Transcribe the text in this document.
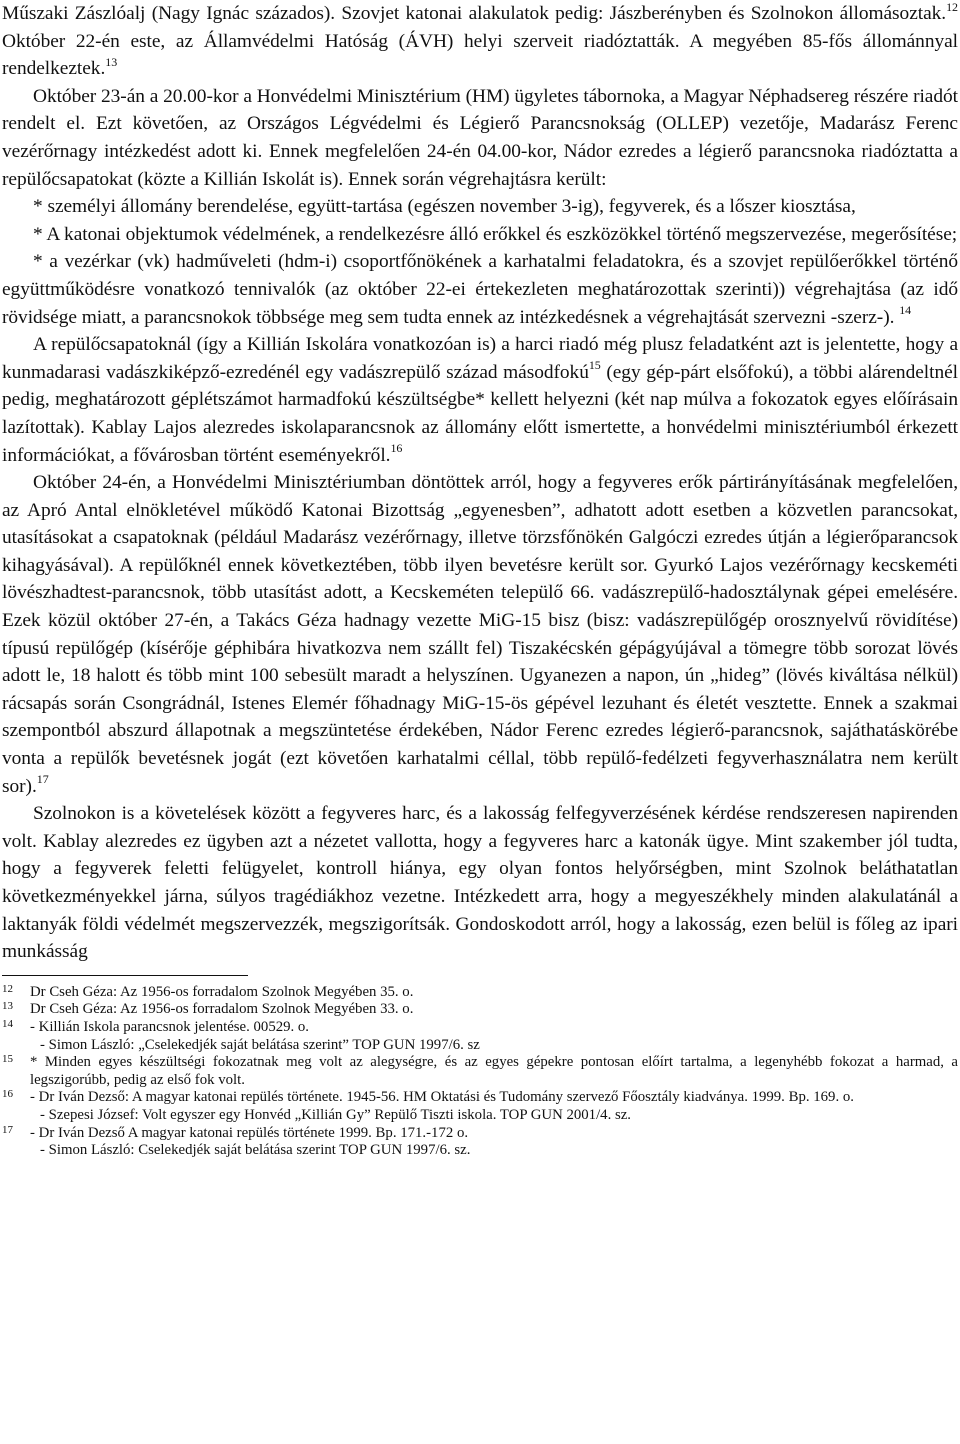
Műszaki Zászlóalj (Nagy Ignác százados). Szovjet katonai alakulatok pedig: Jászberényben és Szolnokon állomásoztak.$^{12}$ Október 22-én este, az Államvédelmi Hatóság (ÁVH) helyi szerveit riadóztatták. A megyében 85-fős állománnyal rendelkeztek.$^{13}$

Október 23-án a 20.00-kor a Honvédelmi Minisztérium (HM) ügyletes tábornoka, a Magyar Néphadsereg részére riadót rendelt el. Ezt követően, az Országos Légvédelmi és Légierő Parancsnokság (OLLEP) vezetője, Madarász Ferenc vezérőrnagy intézkedést adott ki. Ennek megfelelően 24-én 04.00-kor, Nádor ezredes a légierő parancsnoka riadóztatta a repülőcsapatokat (közte a Killián Iskolát is). Ennek során végrehajtásra került:

* személyi állomány berendelése, együtt-tartása (egészen november 3-ig), fegyverek, és a lőszer kiosztása,

* A katonai objektumok védelmének, a rendelkezésre álló erőkkel és eszközökkel történő megszervezése, megerősítése;

* a vezérkar (vk) hadműveleti (hdm-i) csoportfőnökének a karhatalmi feladatokra, és a szovjet repülőerőkkel történő együttműködésre vonatkozó tennivalók (az október 22-ei értekezleten meghatározottak szerinti)) végrehajtása (az idő rövidsége miatt, a parancsnokok többsége meg sem tudta ennek az intézkedésnek a végrehajtását szervezni -szerz-). $^{14}$

A repülőcsapatoknál (így a Killián Iskolára vonatkozóan is) a harci riadó még plusz feladatként azt is jelentette, hogy a kunmadarasi vadászkiképző-ezredénél egy vadászrepülő század másodfokú$^{15}$ (egy gép-párt elsőfokú), a többi alárendeltnél pedig, meghatározott géplétszámot harmadfokú készültségbe* kellett helyezni (két nap múlva a fokozatok egyes előírásain lazítottak). Kablay Lajos alezredes iskolaparancsnok az állomány előtt ismertette, a honvédelmi minisztériumból érkezett információkat, a fővárosban történt eseményekről.$^{16}$

Október 24-én, a Honvédelmi Minisztériumban döntöttek arról, hogy a fegyveres erők pártirányításának megfelelően, az Apró Antal elnökletével működő Katonai Bizottság „egyenesben”, adhatott adott esetben a közvetlen parancsokat, utasításokat a csapatoknak (például Madarász vezérőrnagy, illetve törzsfőnökén Galgóczi ezredes útján a légierőparancsok kihagyásával). A repülőknél ennek következtében, több ilyen bevetésre került sor. Gyurkó Lajos vezérőrnagy kecskeméti lövészhadtest-parancsnok, több utasítást adott, a Kecskeméten települő 66. vadászrepülő-hadosztálynak gépei emelésére. Ezek közül október 27-én, a Takács Géza hadnagy vezette MiG-15 bisz (bisz: vadászrepülőgép orosznyelvű rövidítése) típusú repülőgép (kísérője géphibára hivatkozva nem szállt fel) Tiszakécskén gépágyújával a tömegre több sorozat lövés adott le, 18 halott és több mint 100 sebesült maradt a helyszínen. Ugyanezen a napon, ún „hideg” (lövés kiváltása nélkül) rácsapás során Csongrádnál, Istenes Elemér főhadnagy MiG-15-ös gépével lezuhant és életét vesztette. Ennek a szakmai szempontból abszurd állapotnak a megszüntetése érdekében, Nádor Ferenc ezredes légierő-parancsnok, sajáthatáskörébe vonta a repülők bevetésnek jogát (ezt követően karhatalmi céllal, több repülő-fedélzeti fegyverhasználatra nem került sor).$^{17}$

Szolnokon is a követelések között a fegyveres harc, és a lakosság felfegyverzésének kérdése rendszeresen napirenden volt. Kablay alezredes ez ügyben azt a nézetet vallotta, hogy a fegyveres harc a katonák ügye. Mint szakember jól tudta, hogy a fegyverek feletti felügyelet, kontroll hiánya, egy olyan fontos helyőrségben, mint Szolnok beláthatatlan következményekkel járna, súlyos tragédiákhoz vezetne. Intézkedett arra, hogy a megyeszékhely minden alakulatánál a laktanyák földi védelmét megszervezzék, megszigorítsák. Gondoskodott arról, hogy a lakosság, ezen belül is főleg az ipari munkásság

12 Dr Cseh Géza: Az 1956-os forradalom Szolnok Megyében 35. o.
13 Dr Cseh Géza: Az 1956-os forradalom Szolnok Megyében 33. o.
14 - Killián Iskola parancsnok jelentése. 00529. o.
- Simon László: „Cselekedjék saját belátása szerint” TOP GUN 1997/6. sz
15 * Minden egyes készültségi fokozatnak meg volt az alegységre, és az egyes gépekre pontosan előírt tartalma, a legenyhébb fokozat a harmad, a legszigorúbb, pedig az első fok volt.
16 - Dr Iván Dezső: A magyar katonai repülés története. 1945-56. HM Oktatási és Tudomány szervező Főosztály kiadványa. 1999. Bp. 169. o.
- Szepesi József: Volt egyszer egy Honvéd „Killián Gy” Repülő Tiszti iskola. TOP GUN 2001/4. sz.
17 - Dr Iván Dezső A magyar katonai repülés története 1999. Bp. 171.-172 o.
- Simon László: Cselekedjék saját belátása szerint TOP GUN 1997/6. sz.
